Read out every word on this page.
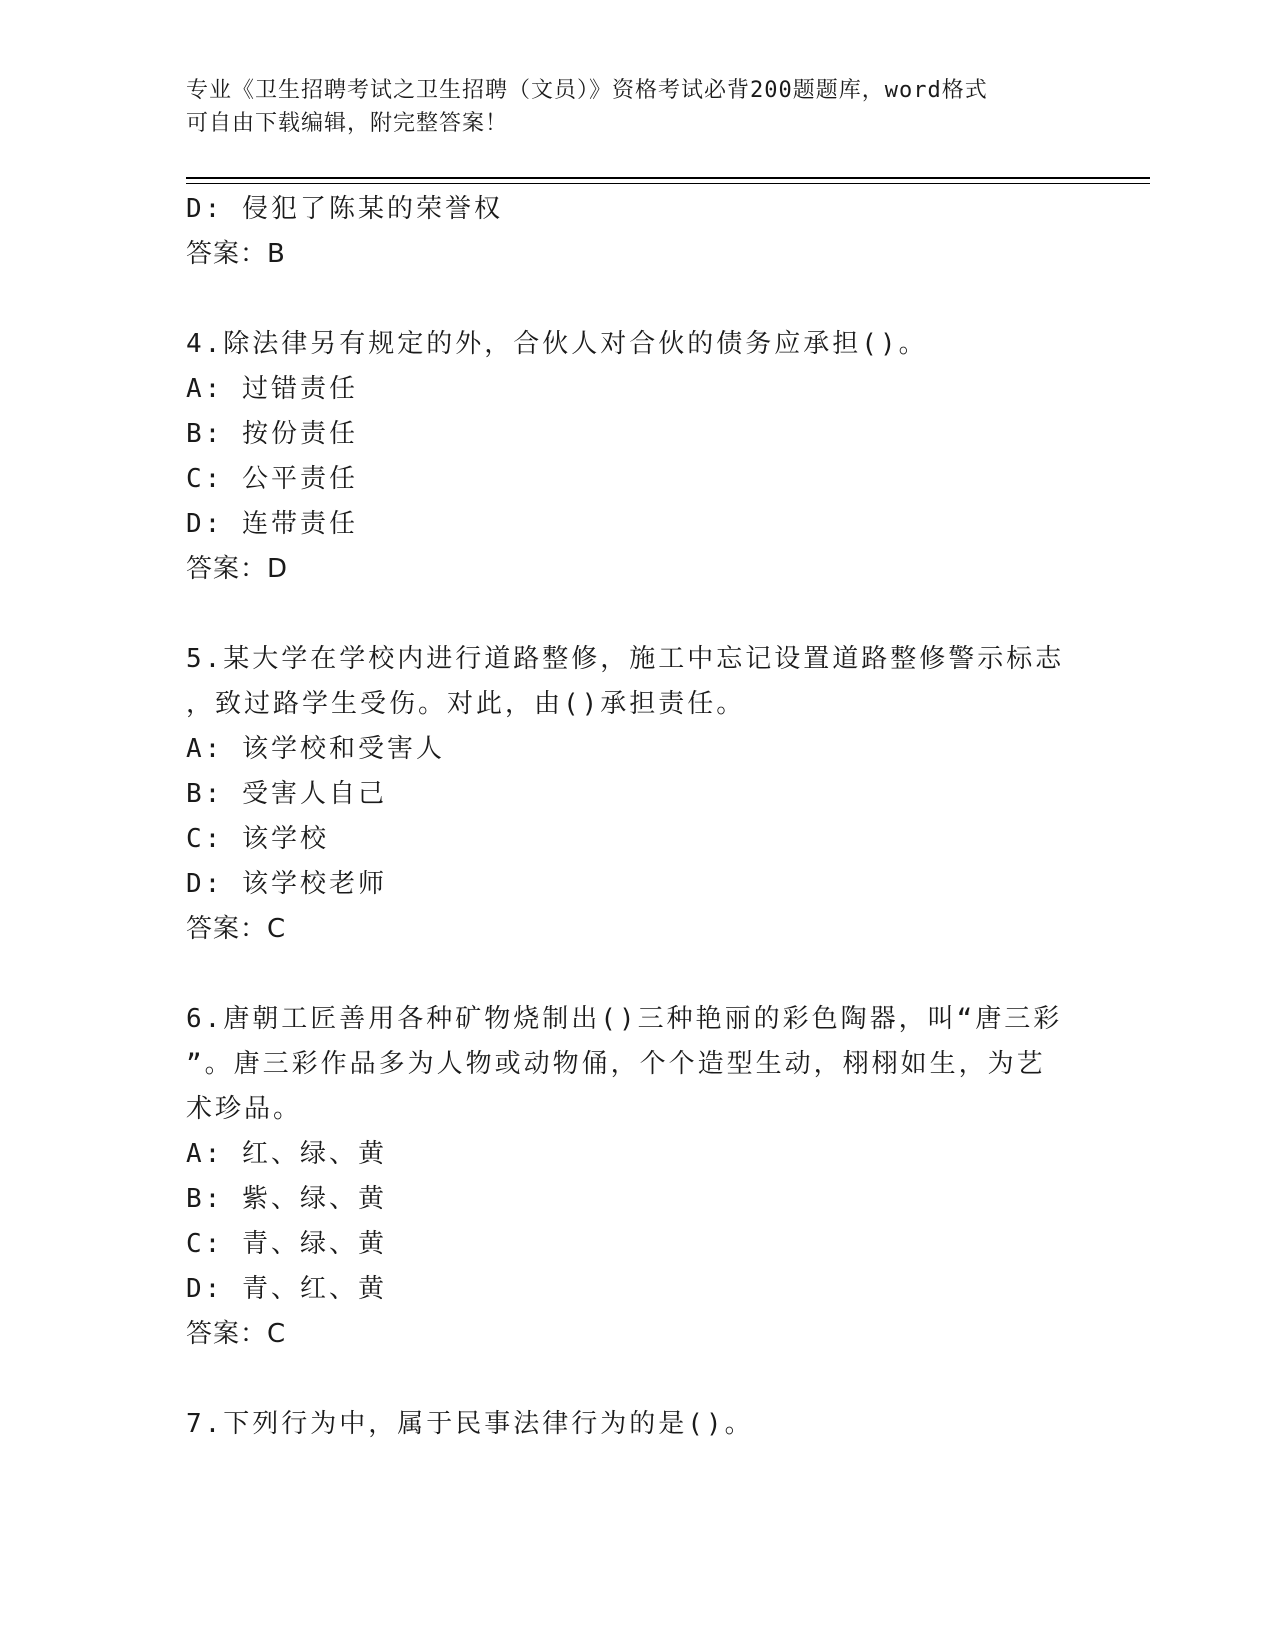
专业《卫生招聘考试之卫生招聘（文员）》资格考试必背200题题库，word格式
可自由下载编辑，附完整答案！
D: 侵犯了陈某的荣誉权
答案：B
4.除法律另有规定的外，合伙人对合伙的债务应承担()。
A: 过错责任
B: 按份责任
C: 公平责任
D: 连带责任
答案：D
5.某大学在学校内进行道路整修，施工中忘记设置道路整修警示标志
，致过路学生受伤。对此，由()承担责任。
A: 该学校和受害人
B: 受害人自己
C: 该学校
D: 该学校老师
答案：C
6.唐朝工匠善用各种矿物烧制出()三种艳丽的彩色陶器，叫“唐三彩
”。唐三彩作品多为人物或动物俑，个个造型生动，栩栩如生，为艺
术珍品。
A: 红、绿、黄
B: 紫、绿、黄
C: 青、绿、黄
D: 青、红、黄
答案：C
7.下列行为中，属于民事法律行为的是()。
